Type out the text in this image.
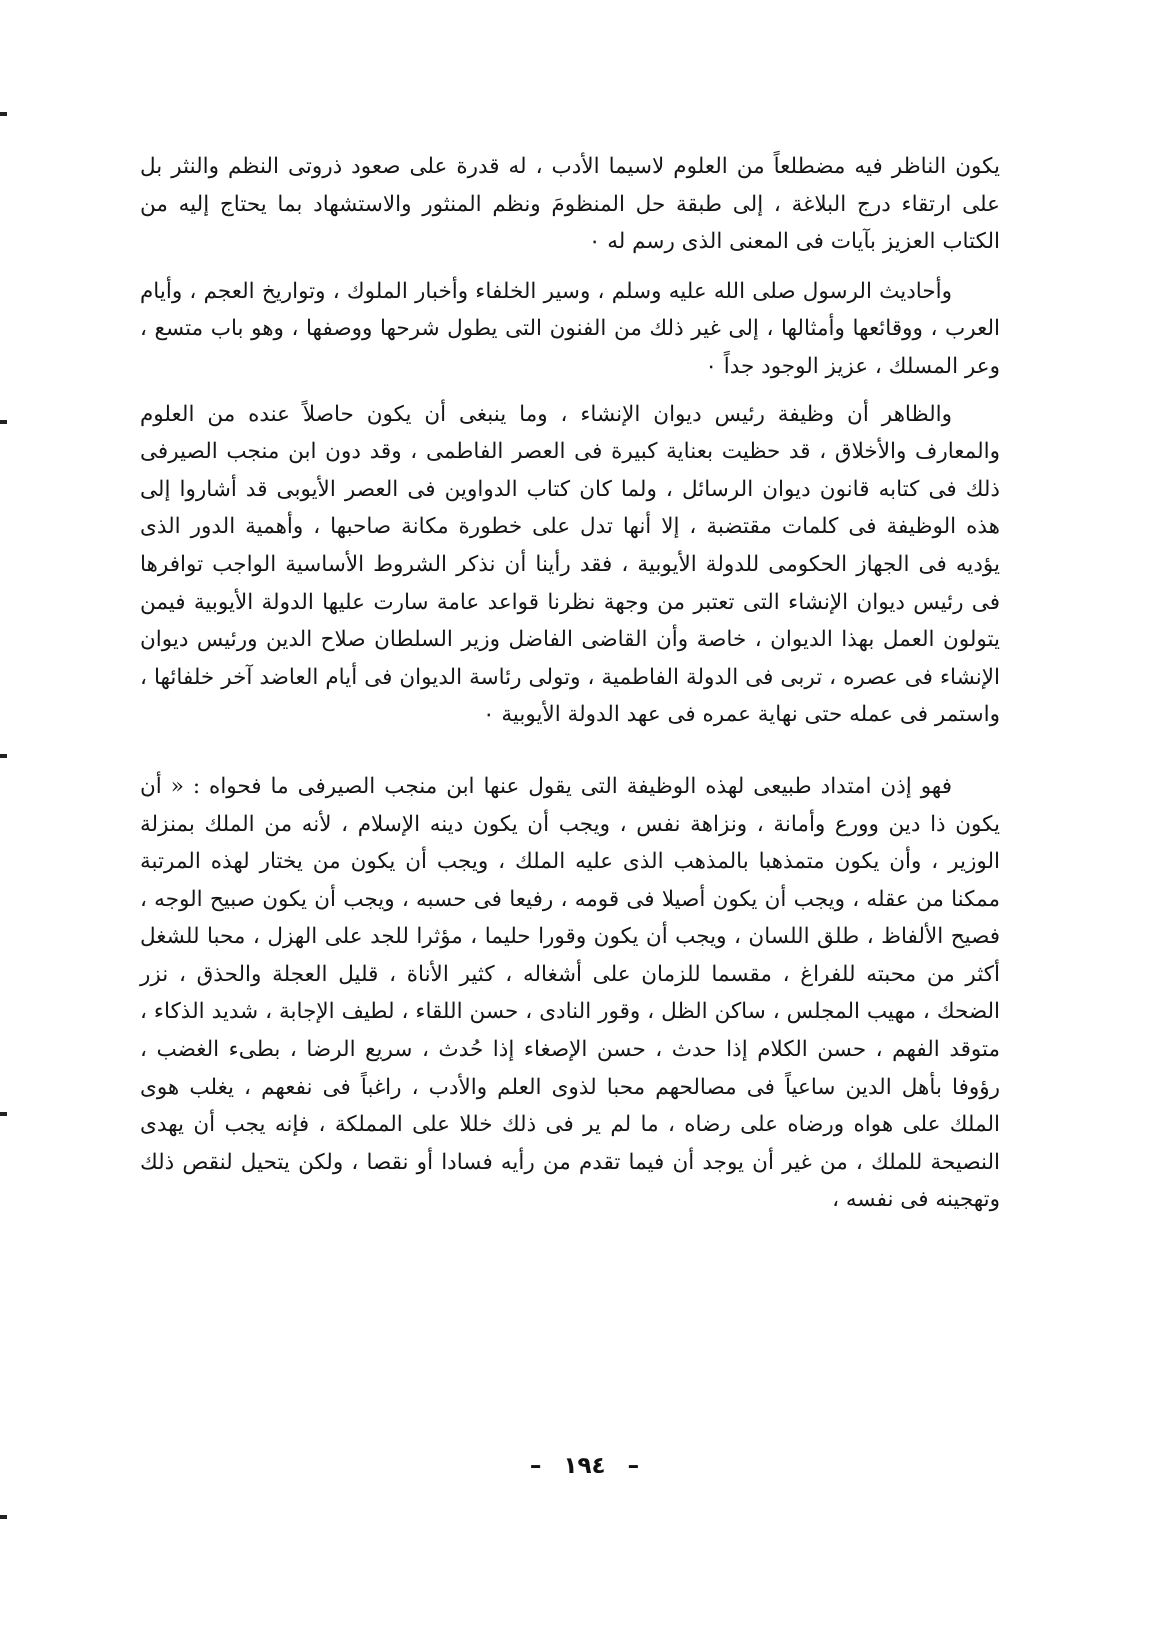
يكون الناظر فيه مضطلعاً من العلوم لاسيما الأدب ، له قدرة على صعود ذروتى النظم والنثر بل على ارتقاء درج البلاغة ، إلى طبقة حل المنظومَ ونظم المنثور والاستشهاد بما يحتاج إليه من الكتاب العزيز بآيات فى المعنى الذى رسم له ٠

وأحاديث الرسول صلى الله عليه وسلم ، وسير الخلفاء وأخبار الملوك ، وتواريخ العجم ، وأيام العرب ، ووقائعها وأمثالها ، إلى غير ذلك من الفنون التى يطول شرحها ووصفها ، وهو باب متسع ، وعر المسلك ، عزيز الوجود جداً ٠

والظاهر أن وظيفة رئيس ديوان الإنشاء ، وما ينبغى أن يكون حاصلاً عنده من العلوم والمعارف والأخلاق ، قد حظيت بعناية كبيرة فى العصر الفاطمى ، وقد دون ابن منجب الصيرفى ذلك فى كتابه قانون ديوان الرسائل ، ولما كان كتاب الدواوين فى العصر الأيوبى قد أشاروا إلى هذه الوظيفة فى كلمات مقتضبة ، إلا أنها تدل على خطورة مكانة صاحبها ، وأهمية الدور الذى يؤديه فى الجهاز الحكومى للدولة الأيوبية ، فقد رأينا أن نذكر الشروط الأساسية الواجب توافرها فى رئيس ديوان الإنشاء التى تعتبر من وجهة نظرنا قواعد عامة سارت عليها الدولة الأيوبية فيمن يتولون العمل بهذا الديوان ، خاصة وأن القاضى الفاضل وزير السلطان صلاح الدين ورئيس ديوان الإنشاء فى عصره ، تربى فى الدولة الفاطمية ، وتولى رئاسة الديوان فى أيام العاضد آخر خلفائها ، واستمر فى عمله حتى نهاية عمره فى عهد الدولة الأيوبية ٠

فهو إذن امتداد طبيعى لهذه الوظيفة التى يقول عنها ابن منجب الصيرفى ما فحواه : « أن يكون ذا دين وورع وأمانة ، ونزاهة نفس ، ويجب أن يكون دينه الإسلام ، لأنه من الملك بمنزلة الوزير ، وأن يكون متمذهبا بالمذهب الذى عليه الملك ، ويجب أن يكون من يختار لهذه المرتبة ممكنا من عقله ، ويجب أن يكون أصيلا فى قومه ، رفيعا فى حسبه ، ويجب أن يكون صبيح الوجه ، فصيح الألفاظ ، طلق اللسان ، ويجب أن يكون وقورا حليما ، مؤثرا للجد على الهزل ، محبا للشغل أكثر من محبته للفراغ ، مقسما للزمان على أشغاله ، كثير الأناة ، قليل العجلة والحذق ، نزر الضحك ، مهيب المجلس ، ساكن الظل ، وقور النادى ، حسن اللقاء ، لطيف الإجابة ، شديد الذكاء ، متوقد الفهم ، حسن الكلام إذا حدث ، حسن الإصغاء إذا حُدث ، سريع الرضا ، بطىء الغضب ، رؤوفا بأهل الدين ساعياً فى مصالحهم محبا لذوى العلم والأدب ، راغباً فى نفعهم ، يغلب هوى الملك على هواه ورضاه على رضاه ، ما لم ير فى ذلك خللا على المملكة ، فإنه يجب أن يهدى النصيحة للملك ، من غير أن يوجد أن فيما تقدم من رأيه فسادا أو نقصا ، ولكن يتحيل لنقص ذلك وتهجينه فى نفسه ،

– ١٩٤ –
